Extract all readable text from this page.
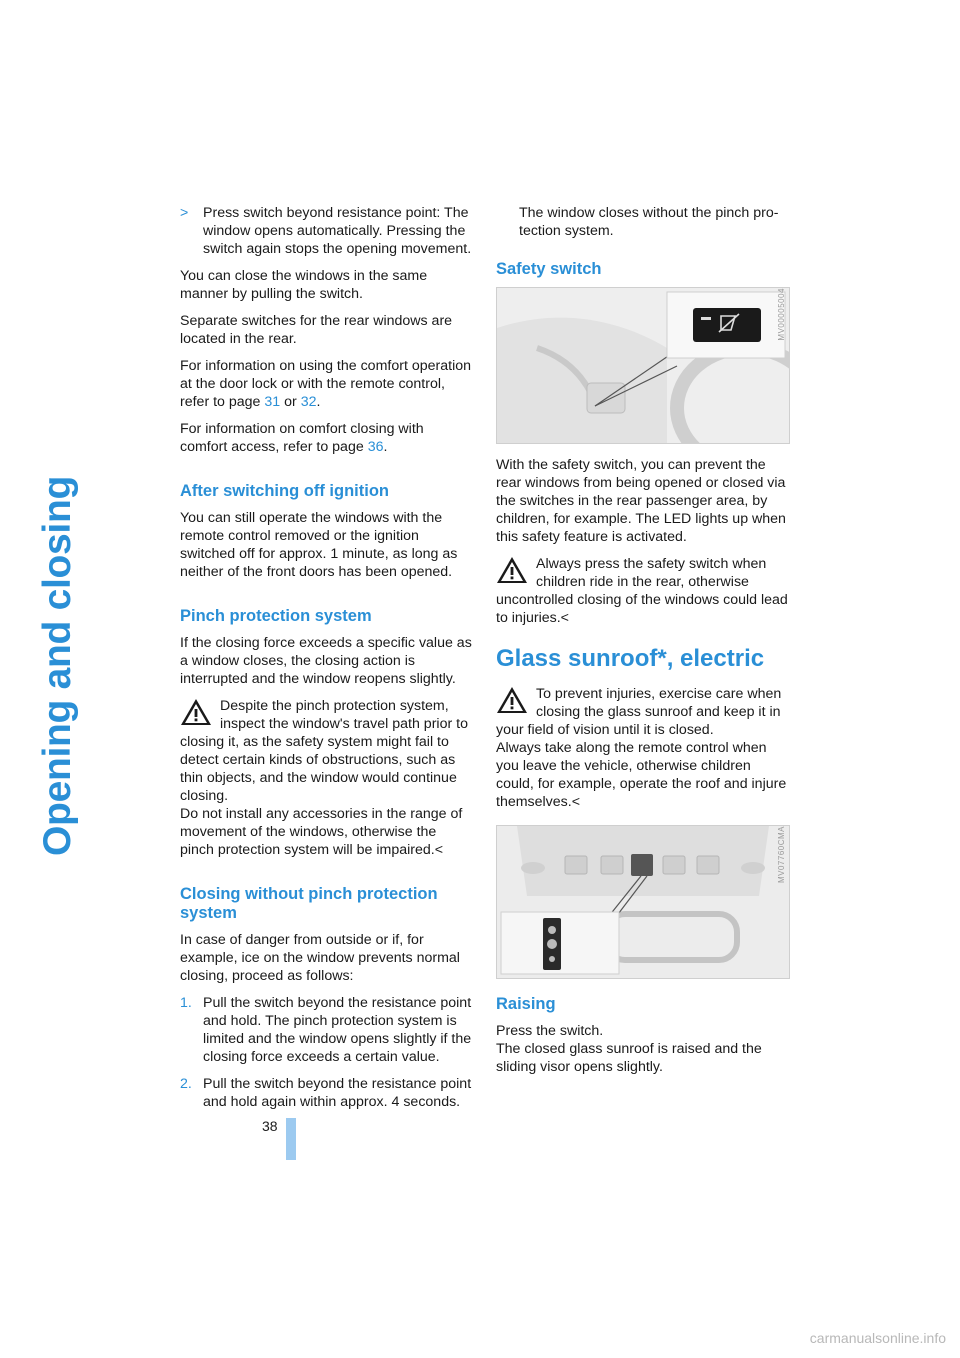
Opening and closing
38
> Press switch beyond resistance point: The window opens automatically. Pressing the switch again stops the opening movement.

You can close the windows in the same manner by pulling the switch.

Separate switches for the rear windows are located in the rear.

For information on using the comfort operation at the door lock or with the remote control, refer to page 31 or 32.

For information on comfort closing with comfort access, refer to page 36.

After switching off ignition

You can still operate the windows with the remote control removed or the ignition switched off for approx. 1 minute, as long as neither of the front doors has been opened.

Pinch protection system

If the closing force exceeds a specific value as a window closes, the closing action is interrupted and the window reopens slightly.

Despite the pinch protection system, inspect the window's travel path prior to closing it, as the safety system might fail to detect certain kinds of obstructions, such as thin objects, and the window would continue closing.
Do not install any accessories in the range of movement of the windows, otherwise the pinch protection system will be impaired.<
Closing without pinch protection system

In case of danger from outside or if, for example, ice on the window prevents normal closing, proceed as follows:

1. Pull the switch beyond the resistance point and hold. The pinch protection system is limited and the window opens slightly if the closing force exceeds a certain value.
2. Pull the switch beyond the resistance point and hold again within approx. 4 seconds.

The window closes without the pinch protection system.

Safety switch
MV00005004

With the safety switch, you can prevent the rear windows from being opened or closed via the switches in the rear passenger area, by children, for example. The LED lights up when this safety feature is activated.

Always press the safety switch when children ride in the rear, otherwise uncontrolled closing of the windows could lead to injuries.<
Glass sunroof*, electric
To prevent injuries, exercise care when closing the glass sunroof and keep it in your field of vision until it is closed.
Always take along the remote control when you leave the vehicle, otherwise children could, for example, operate the roof and injure themselves.<
MV07760CMA
Raising

Press the switch.
The closed glass sunroof is raised and the sliding visor opens slightly.

carmanualsonline.info
